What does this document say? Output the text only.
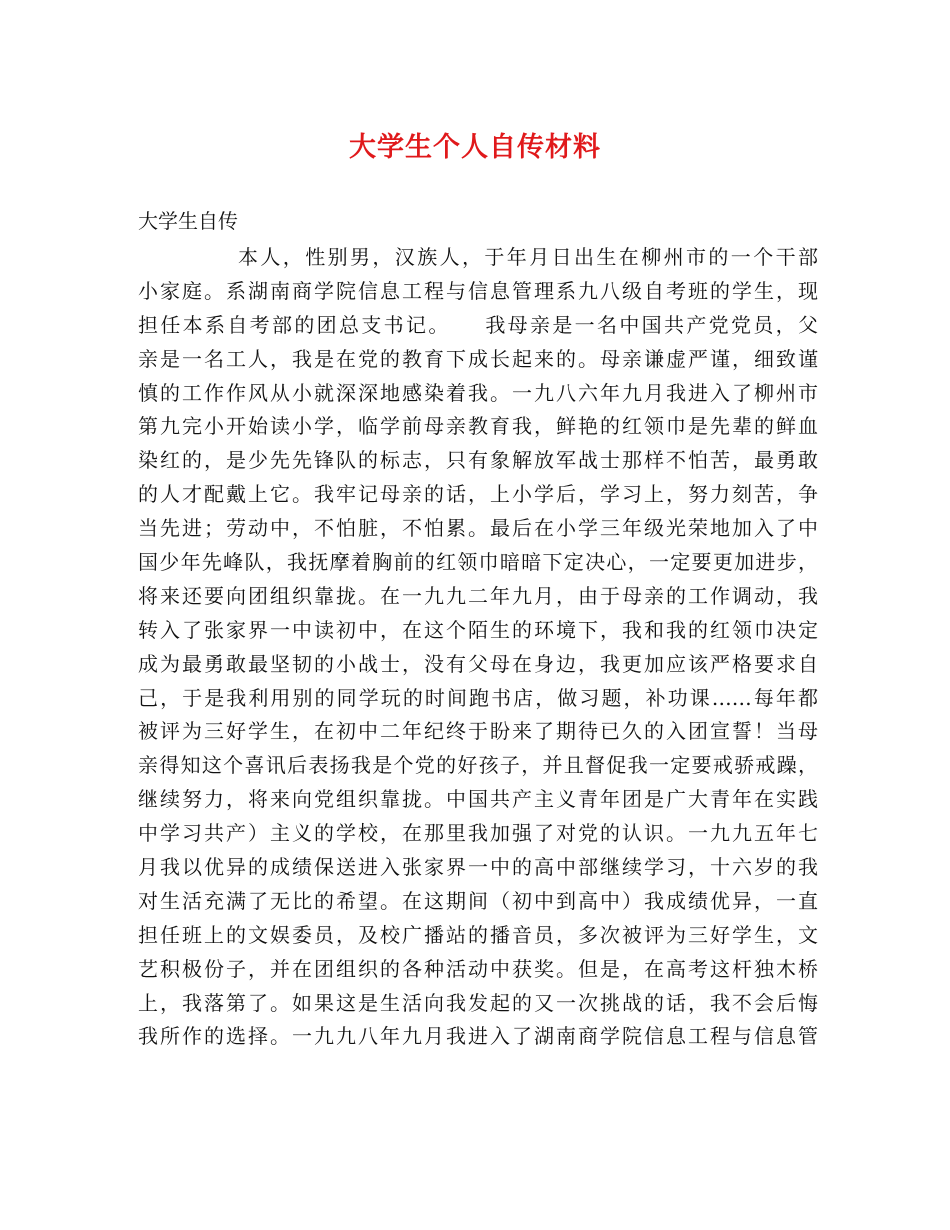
大学生个人自传材料
大学生自传
本人，性别男，汉族人，于年月日出生在柳州市的一个干部
小家庭。系湖南商学院信息工程与信息管理系九八级自考班的学生，现
担任本系自考部的团总支书记。　　我母亲是一名中国共产党党员，父
亲是一名工人，我是在党的教育下成长起来的。母亲谦虚严谨，细致谨
慎的工作作风从小就深深地感染着我。一九八六年九月我进入了柳州市
第九完小开始读小学，临学前母亲教育我，鲜艳的红领巾是先辈的鲜血
染红的，是少先先锋队的标志，只有象解放军战士那样不怕苦，最勇敢
的人才配戴上它。我牢记母亲的话，上小学后，学习上，努力刻苦，争
当先进；劳动中，不怕脏，不怕累。最后在小学三年级光荣地加入了中
国少年先峰队，我抚摩着胸前的红领巾暗暗下定决心，一定要更加进步，
将来还要向团组织靠拢。在一九九二年九月，由于母亲的工作调动，我
转入了张家界一中读初中，在这个陌生的环境下，我和我的红领巾决定
成为最勇敢最坚韧的小战士，没有父母在身边，我更加应该严格要求自
己，于是我利用别的同学玩的时间跑书店，做习题，补功课……每年都
被评为三好学生，在初中二年纪终于盼来了期待已久的入团宣誓！当母
亲得知这个喜讯后表扬我是个党的好孩子，并且督促我一定要戒骄戒躁，
继续努力，将来向党组织靠拢。中国共产主义青年团是广大青年在实践
中学习共产）主义的学校，在那里我加强了对党的认识。一九九五年七
月我以优异的成绩保送进入张家界一中的高中部继续学习，十六岁的我
对生活充满了无比的希望。在这期间（初中到高中）我成绩优异，一直
担任班上的文娱委员，及校广播站的播音员，多次被评为三好学生，文
艺积极份子，并在团组织的各种活动中获奖。但是，在高考这杆独木桥
上，我落第了。如果这是生活向我发起的又一次挑战的话，我不会后悔
我所作的选择。一九九八年九月我进入了湖南商学院信息工程与信息管
